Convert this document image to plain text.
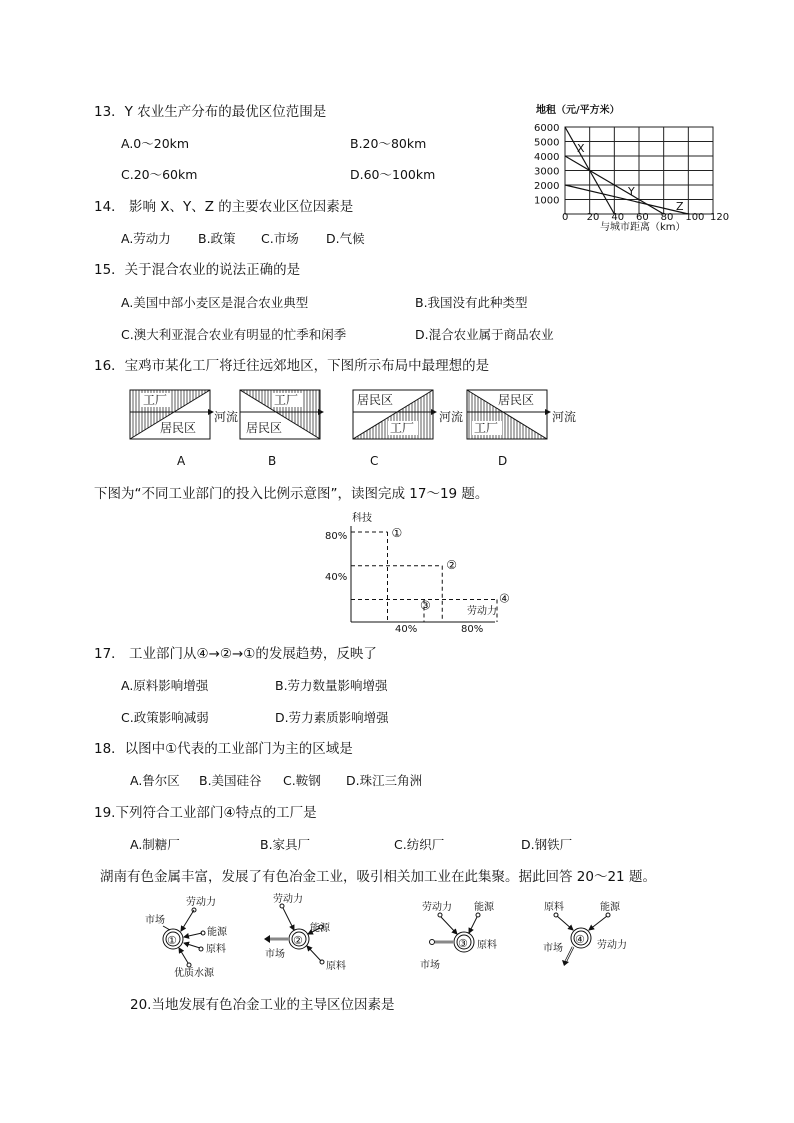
13．Y 农业生产分布的最优区位范围是
A.0～20km	B.20～80km
C.20～60km	D.60～100km
地租（元/平方米）
6000
5000
4000
3000
2000
1000
0 20 40 60 80 100 120
X
Y
Z
与城市距离（km）
14． 影响 X、Y、Z 的主要农业区位因素是
A.劳动力 B.政策 C.市场 D.气候
15．关于混合农业的说法正确的是
A.美国中部小麦区是混合农业典型	B.我国没有此种类型
C.澳大利亚混合农业有明显的忙季和闲季	D.混合农业属于商品农业
16．宝鸡市某化工厂将迁往远郊地区，下图所示布局中最理想的是
工厂
居民区
河流
A
工厂
居民区
B
居民区
工厂
河流
C
居民区
工厂
河流
D
下图为“不同工业部门的投入比例示意图”，读图完成 17～19 题。
科技
80%
40%
40%	80%
劳动力
①
②
③	④
17． 工业部门从④→②→①的发展趋势，反映了
A.原料影响增强	B.劳力数量影响增强
C.政策影响减弱	D.劳力素质影响增强
18．以图中①代表的工业部门为主的区域是
A.鲁尔区 B.美国硅谷 C.鞍钢 D.珠江三角洲
19.下列符合工业部门④特点的工厂是
A.制糖厂	B.家具厂	C.纺织厂	D.钢铁厂
湖南有色金属丰富，发展了有色冶金工业，吸引相关加工业在此集聚。据此回答 20～21 题。
①
劳动力
市场
能源
原料
优质水源
②
劳动力
能源
市场
原料
③
劳动力 能源
原料
市场
④
原料	能源
市场	劳动力
20.当地发展有色冶金工业的主导区位因素是
